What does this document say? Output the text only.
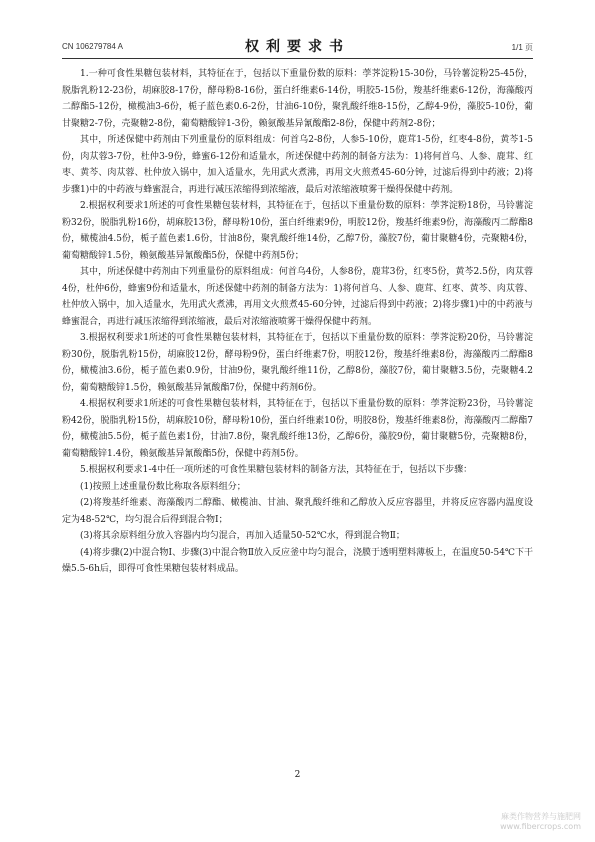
CN 106279784 A	权利要求书	1/1 页

1.一种可食性果糖包装材料，其特征在于，包括以下重量份数的原料：荸荠淀粉15-30份，马铃薯淀粉25-45份，脱脂乳粉12-23份，胡麻胶8-17份，酵母粉8-16份，蛋白纤维素6-14份，明胶5-15份，羧基纤维素6-12份，海藻酸丙二醇酯5-12份，橄榄油3-6份，栀子蓝色素0.6-2份，甘油6-10份，聚乳酸纤维8-15份，乙醇4-9份，藻胶5-10份，葡甘聚糖2-7份，壳聚糖2-8份，葡萄糖酸锌1-3份，赖氨酸基异氰酸酯2-8份，保健中药剂2-8份；

其中，所述保健中药剂由下列重量份的原料组成：何首乌2-8份，人参5-10份，鹿茸1-5份，红枣4-8份，黄芩1-5份，肉苁蓉3-7份，杜仲3-9份，蜂蜜6-12份和适量水，所述保健中药剂的制备方法为：1)将何首乌、人参、鹿茸、红枣、黄芩、肉苁蓉、杜仲放入锅中，加入适量水，先用武火煮沸，再用文火煎煮45-60分钟，过滤后得到中药液；2)将步骤1)中的中药液与蜂蜜混合，再进行减压浓缩得到浓缩液，最后对浓缩液喷雾干燥得保健中药剂。

2.根据权利要求1所述的可食性果糖包装材料，其特征在于，包括以下重量份数的原料：荸荠淀粉18份，马铃薯淀粉32份，脱脂乳粉16份，胡麻胶13份，酵母粉10份，蛋白纤维素9份，明胶12份，羧基纤维素9份，海藻酸丙二醇酯8份，橄榄油4.5份，栀子蓝色素1.6份，甘油8份，聚乳酸纤维14份，乙醇7份，藻胶7份，葡甘聚糖4份，壳聚糖4份，葡萄糖酸锌1.5份，赖氨酸基异氰酸酯5份，保健中药剂5份；

其中，所述保健中药剂由下列重量份的原料组成：何首乌4份，人参8份，鹿茸3份，红枣5份，黄芩2.5份，肉苁蓉4份，杜仲6份，蜂蜜9份和适量水，所述保健中药剂的制备方法为：1)将何首乌、人参、鹿茸、红枣、黄芩、肉苁蓉、杜仲放入锅中，加入适量水，先用武火煮沸，再用文火煎煮45-60分钟，过滤后得到中药液；2)将步骤1)中的中药液与蜂蜜混合，再进行减压浓缩得到浓缩液，最后对浓缩液喷雾干燥得保健中药剂。

3.根据权利要求1所述的可食性果糖包装材料，其特征在于，包括以下重量份数的原料：荸荠淀粉20份，马铃薯淀粉30份，脱脂乳粉15份，胡麻胶12份，酵母粉9份，蛋白纤维素7份，明胶12份，羧基纤维素8份，海藻酸丙二醇酯8份，橄榄油3.6份，栀子蓝色素0.9份，甘油9份，聚乳酸纤维11份，乙醇8份，藻胶7份，葡甘聚糖3.5份，壳聚糖4.2份，葡萄糖酸锌1.5份，赖氨酸基异氰酸酯7份，保健中药剂6份。

4.根据权利要求1所述的可食性果糖包装材料，其特征在于，包括以下重量份数的原料：荸荠淀粉23份，马铃薯淀粉42份，脱脂乳粉15份，胡麻胶10份，酵母粉10份，蛋白纤维素10份，明胶8份，羧基纤维素8份，海藻酸丙二醇酯7份，橄榄油5.5份，栀子蓝色素1份，甘油7.8份，聚乳酸纤维13份，乙醇6份，藻胶9份，葡甘聚糖5份，壳聚糖8份，葡萄糖酸锌1.4份，赖氨酸基异氰酸酯5份，保健中药剂5份。

5.根据权利要求1-4中任一项所述的可食性果糖包装材料的制备方法，其特征在于，包括以下步骤：

(1)按照上述重量份数比称取各原料组分；

(2)将羧基纤维素、海藻酸丙二醇酯、橄榄油、甘油、聚乳酸纤维和乙醇放入反应容器里，并将反应容器内温度设定为48-52℃，均匀混合后得到混合物Ⅰ；

(3)将其余原料组分放入容器内均匀混合，再加入适量50-52℃水，得到混合物Ⅱ；

(4)将步骤(2)中混合物Ⅰ、步骤(3)中混合物Ⅱ放入反应釜中均匀混合，浇膜于透明塑料薄板上，在温度50-54℃下干燥5.5-6h后，即得可食性果糖包装材料成品。

2
麻类作物营养与施肥网
www.fibercrops.com
